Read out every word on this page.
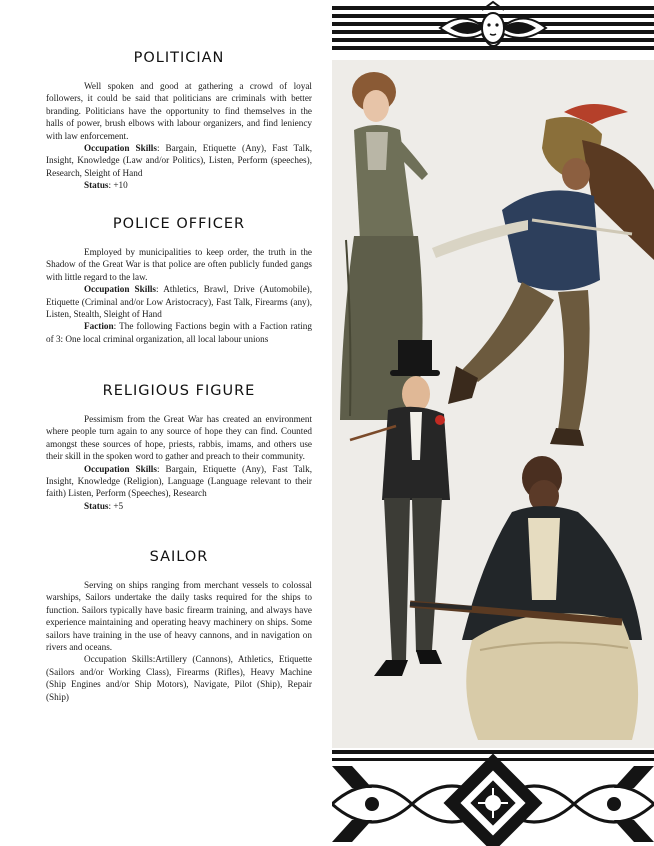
POLITICIAN

Well spoken and good at gathering a crowd of loyal followers, it could be said that politicians are criminals with better branding. Politicians have the opportunity to find themselves in the halls of power, brush elbows with labour organizers, and find leniency with law enforcement.

Occupation Skills: Bargain, Etiquette (Any), Fast Talk, Insight, Knowledge (Law and/or Politics), Listen, Perform (speeches), Research, Sleight of Hand

Status: +10

POLICE OFFICER

Employed by municipalities to keep order, the truth in the Shadow of the Great War is that police are often publicly funded gangs with little regard to the law.

Occupation Skills: Athletics, Brawl, Drive (Automobile), Etiquette (Criminal and/or Low Aristocracy), Fast Talk, Firearms (any), Listen, Stealth, Sleight of Hand

Faction: The following Factions begin with a Faction rating of 3: One local criminal organization, all local labour unions

RELIGIOUS FIGURE

Pessimism from the Great War has created an environment where people turn again to any source of hope they can find. Counted amongst these sources of hope, priests, rabbis, imams, and others use their skill in the spoken word to gather and preach to their community.

Occupation Skills: Bargain, Etiquette (Any), Fast Talk, Insight, Knowledge (Religion), Language (Language relevant to their faith) Listen, Perform (Speeches), Research

Status: +5

SAILOR

Serving on ships ranging from merchant vessels to colossal warships, Sailors undertake the daily tasks required for the ships to function. Sailors typically have basic firearm training, and always have experience maintaining and operating heavy machinery on ships. Some sailors have training in the use of heavy cannons, and in navigation on rivers and oceans.

Occupation Skills:Artillery (Cannons), Athletics, Etiquette (Sailors and/or Working Class), Firearms (Rifles), Heavy Machine (Ship Engines and/or Ship Motors), Navigate, Pilot (Ship), Repair (Ship)
